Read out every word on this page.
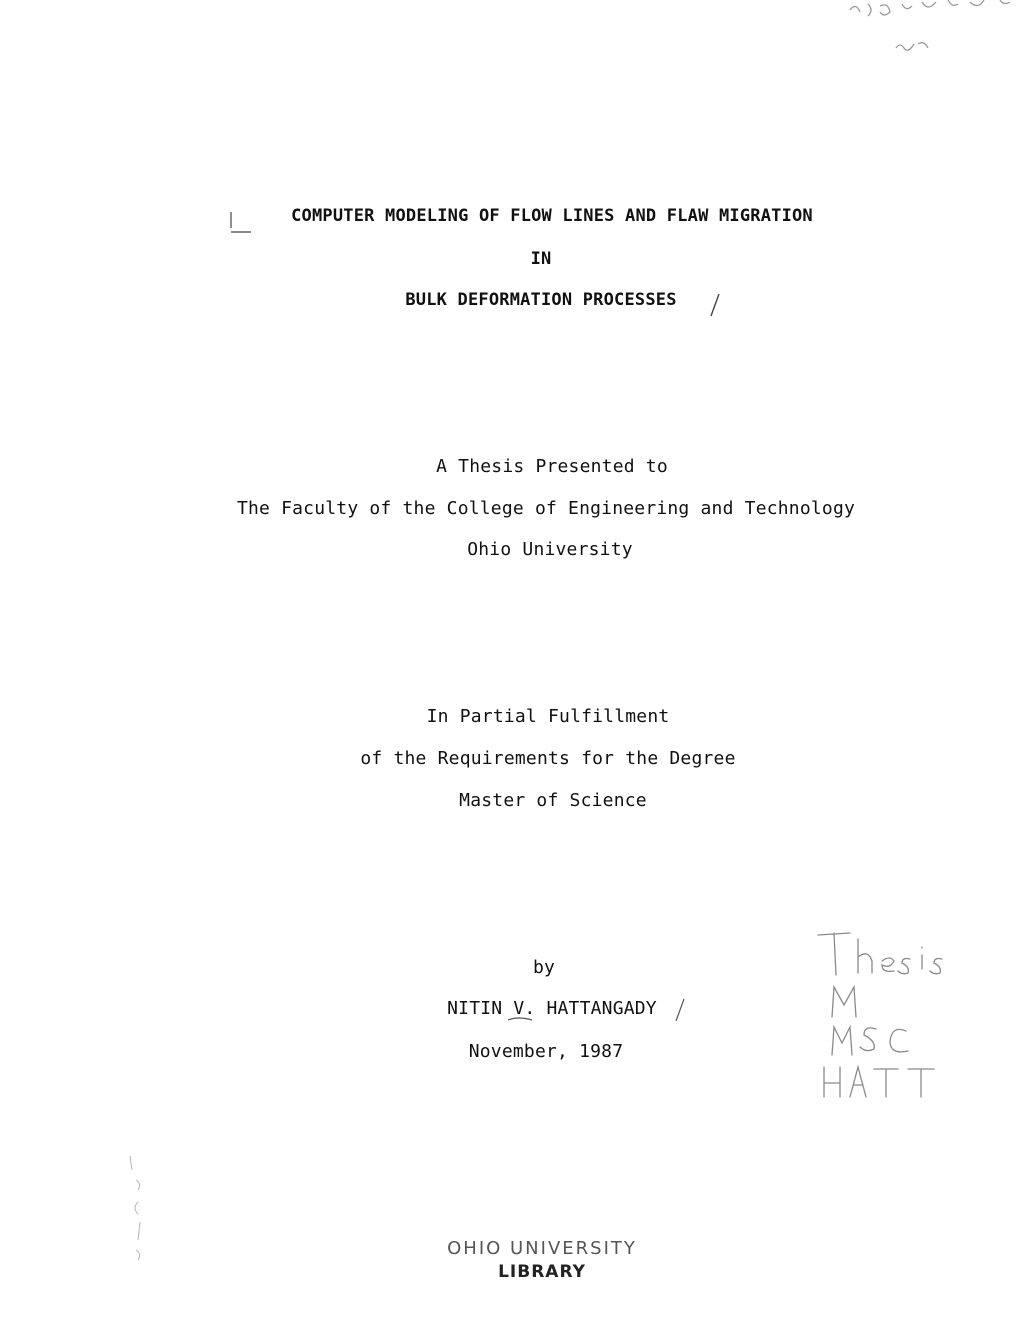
COMPUTER MODELING OF FLOW LINES AND FLAW MIGRATION
IN
BULK DEFORMATION PROCESSES
A Thesis Presented to
The Faculty of the College of Engineering and Technology
Ohio University
In Partial Fulfillment
of the Requirements for the Degree
Master of Science
by
NITIN V. HATTANGADY
November, 1987
OHIO UNIVERSITY
LIBRARY
